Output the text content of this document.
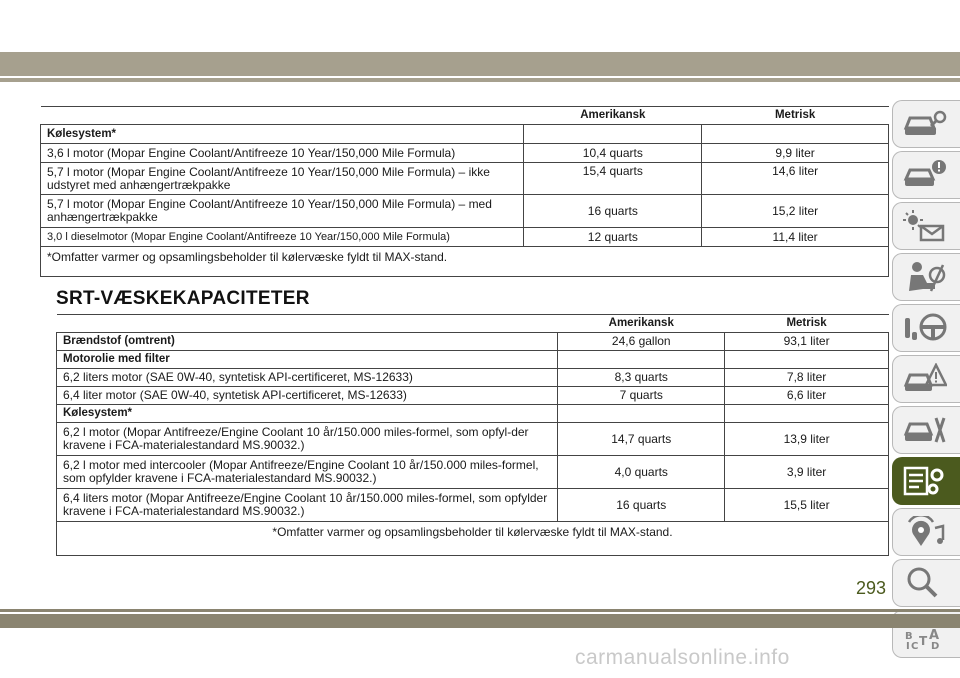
	Amerikansk	Metrisk
Kølesystem*		
3,6 l motor (Mopar Engine Coolant/Antifreeze 10 Year/150,000 Mile Formula)	10,4 quarts	9,9 liter
5,7 l motor (Mopar Engine Coolant/Antifreeze 10 Year/150,000 Mile Formula) – ikke udstyret med anhængertrækpakke	15,4 quarts	14,6 liter
5,7 l motor (Mopar Engine Coolant/Antifreeze 10 Year/150,000 Mile Formula) – med anhængertrækpakke	16 quarts	15,2 liter
3,0 l dieselmotor (Mopar Engine Coolant/Antifreeze 10 Year/150,000 Mile Formula)	12 quarts	11,4 liter
*Omfatter varmer og opsamlingsbeholder til kølervæske fyldt til MAX-stand.		
SRT-VÆSKEKAPACITETER
	Amerikansk	Metrisk
Brændstof (omtrent)	24,6 gallon	93,1 liter
Motorolie med filter		
6,2 liters motor (SAE 0W-40, syntetisk API-certificeret, MS-12633)	8,3 quarts	7,8 liter
6,4 liter motor (SAE 0W-40, syntetisk API-certificeret, MS-12633)	7 quarts	6,6 liter
Kølesystem*		
6,2 l motor (Mopar Antifreeze/Engine Coolant 10 år/150.000 miles-formel, som opfyl-der kravene i FCA-materialestandard MS.90032.)	14,7 quarts	13,9 liter
6,2 l motor med intercooler (Mopar Antifreeze/Engine Coolant 10 år/150.000 miles-formel, som opfylder kravene i FCA-materialestandard MS.90032.)	4,0 quarts	3,9 liter
6,4 liters motor (Mopar Antifreeze/Engine Coolant 10 år/150.000 miles-formel, som opfylder kravene i FCA-materialestandard MS.90032.)	16 quarts	15,5 liter
*Omfatter varmer og opsamlingsbeholder til kølervæske fyldt til MAX-stand.		
B A
C D
T
I
293
carmanualsonline.info
